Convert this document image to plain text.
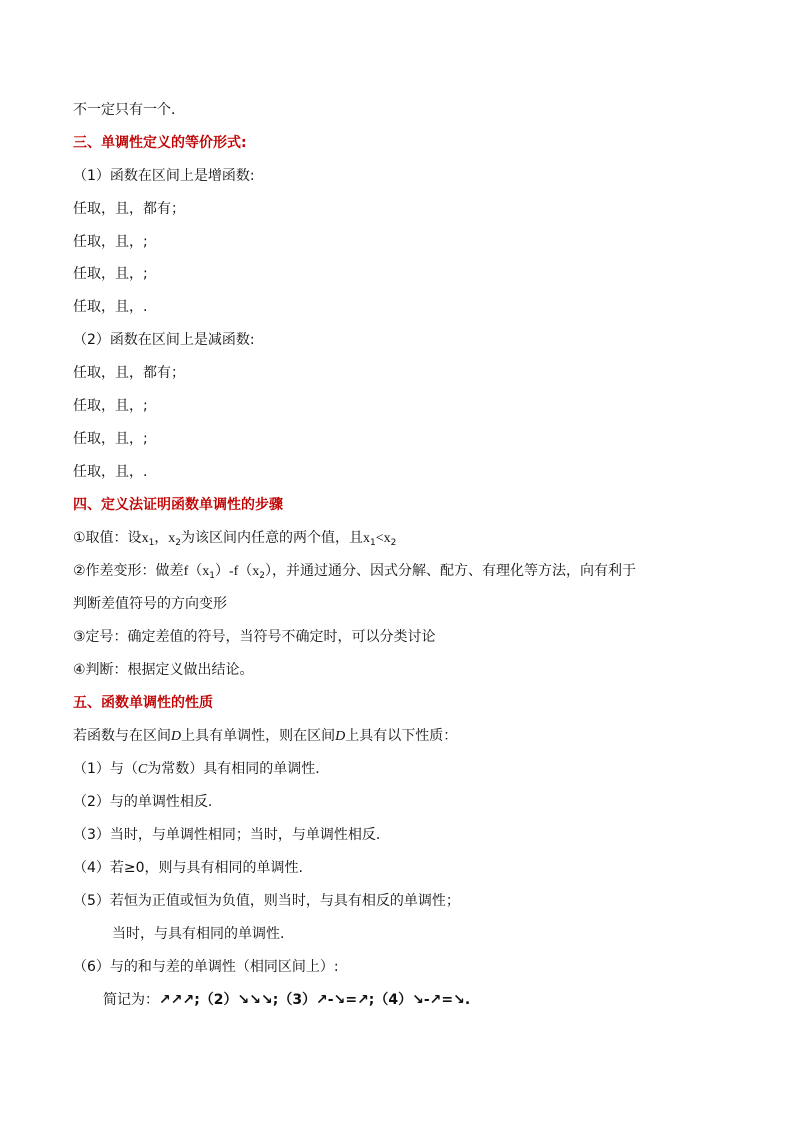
不一定只有一个．
三、单调性定义的等价形式:
（1）函数在区间上是增函数:
任取，且，都有；
任取，且，;
任取，且，;
任取，且，.
（2）函数在区间上是减函数:
任取，且，都有；
任取，且，;
任取，且，;
任取，且，.
四、定义法证明函数单调性的步骤
①取值：设$x_1$，$x_2$为该区间内任意的两个值，且$x_1<x_2$
②作差变形：做差$f(x_1)-f(x_2)$，并通过通分、因式分解、配方、有理化等方法，向有利于
判断差值符号的方向变形
③定号：确定差值的符号，当符号不确定时，可以分类讨论
④判断：根据定义做出结论。
五、函数单调性的性质
若函数与在区间D上具有单调性，则在区间D上具有以下性质：
（1）与（C为常数）具有相同的单调性.
（2）与的单调性相反.
（3）当时，与单调性相同；当时，与单调性相反.
（4）若≥0，则与具有相同的单调性.
（5）若恒为正值或恒为负值，则当时，与具有相反的单调性；
当时，与具有相同的单调性.
（6）与的和与差的单调性（相同区间上）:
简记为：↗↗↗;（2）↘↘↘;（3）↗-↘=↗;（4）↘-↗=↘.
